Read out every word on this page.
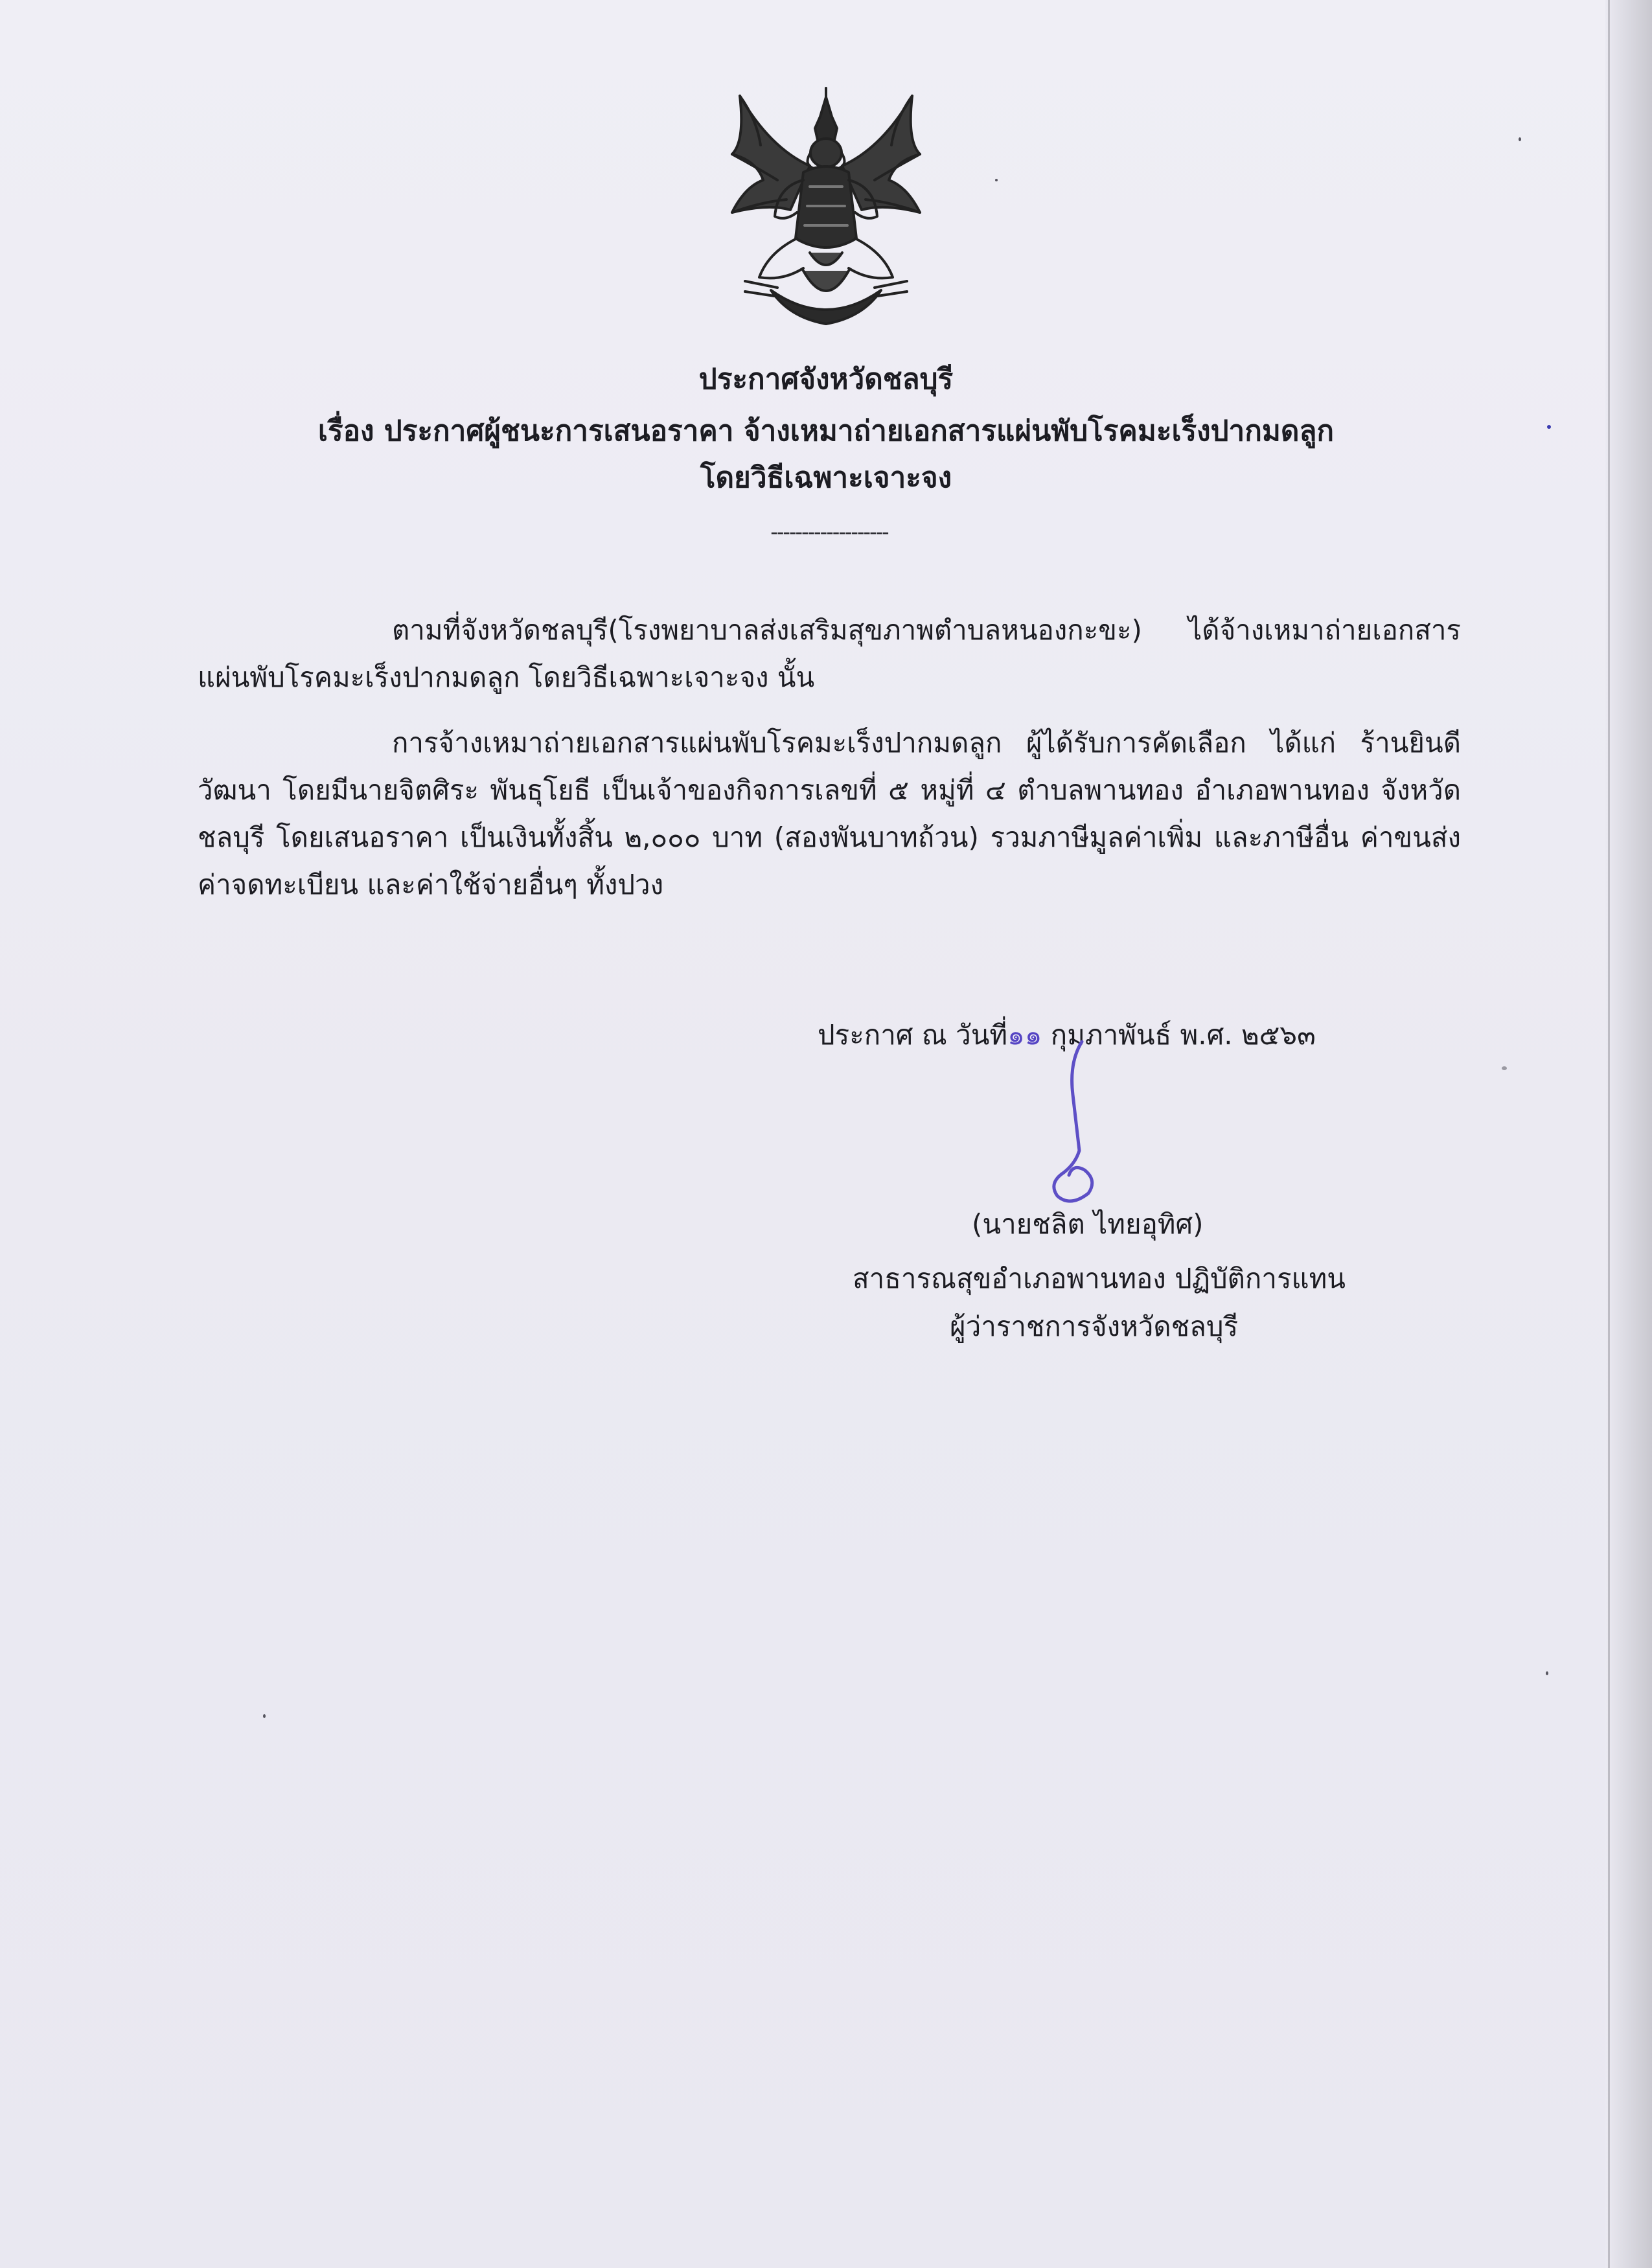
ประกาศจังหวัดชลบุรี

เรื่อง ประกาศผู้ชนะการเสนอราคา จ้างเหมาถ่ายเอกสารแผ่นพับโรคมะเร็งปากมดลูก

โดยวิธีเฉพาะเจาะจง

-------------------

ตามที่จังหวัดชลบุรี(โรงพยาบาลส่งเสริมสุขภาพตำบลหนองกะขะ) ได้จ้างเหมาถ่ายเอกสารแผ่นพับโรคมะเร็งปากมดลูก โดยวิธีเฉพาะเจาะจง นั้น

การจ้างเหมาถ่ายเอกสารแผ่นพับโรคมะเร็งปากมดลูก ผู้ได้รับการคัดเลือก ได้แก่ ร้านยินดีวัฒนา โดยมีนายจิตศิระ พันธุโยธี เป็นเจ้าของกิจการเลขที่ ๕ หมู่ที่ ๔ ตำบลพานทอง อำเภอพานทอง จังหวัดชลบุรี โดยเสนอราคา เป็นเงินทั้งสิ้น ๒,๐๐๐ บาท (สองพันบาทถ้วน) รวมภาษีมูลค่าเพิ่ม และภาษีอื่น ค่าขนส่ง ค่าจดทะเบียน และค่าใช้จ่ายอื่นๆ ทั้งปวง

ประกาศ ณ วันที่๑๑ กุมภาพันธ์ พ.ศ. ๒๕๖๓

(นายชลิต ไทยอุทิศ)

สาธารณสุขอำเภอพานทอง ปฏิบัติการแทน

ผู้ว่าราชการจังหวัดชลบุรี
